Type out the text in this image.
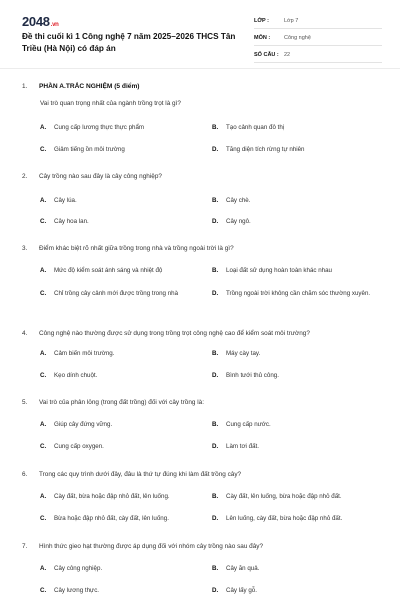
2048.vn
Đề thi cuối kì 1 Công nghệ 7 năm 2025–2026 THCS Tân Triều (Hà Nội) có đáp án
LỚP :	Lớp 7
MÔN :	Công nghệ
SỐ CÂU : 22
1.	PHẦN A.TRẮC NGHIỆM (5 điểm)
Vai trò quan trọng nhất của ngành trồng trọt là gì?
A.	Cung cấp lương thực thực phẩm	B.	Tạo cảnh quan đô thị
C.	Giảm tiếng ồn môi trường	D.	Tăng diện tích rừng tự nhiên
2.	Cây trồng nào sau đây là cây công nghiệp?
A.	Cây lúa.	B.	Cây chè.
C.	Cây hoa lan.	D.	Cây ngô.
3.	Điểm khác biệt rõ nhất giữa trồng trong nhà và trồng ngoài trời là gì?
A.	Mức độ kiểm soát ánh sáng và nhiệt độ	B.	Loại đất sử dụng hoàn toàn khác nhau
C.	Chỉ trồng cây cảnh mới được trồng trong nhà	D.	Trồng ngoài trời không cần chăm sóc thường xuyên.
4.	Công nghệ nào thường được sử dụng trong trồng trọt công nghệ cao để kiểm soát môi trường?
A.	Cảm biến môi trường.	B.	Máy cày tay.
C.	Kẹo dính chuột.	D.	Bình tưới thủ công.
5.	Vai trò của phân lỏng (trong đất trồng) đối với cây trồng là:
A.	Giúp cây đứng vững.	B.	Cung cấp nước.
C.	Cung cấp oxygen.	D.	Làm tơi đất.
6.	Trong các quy trình dưới đây, đâu là thứ tự đúng khi làm đất trồng cây?
A.	Cày đất, bừa hoặc đập nhỏ đất, lên luống.	B.	Cày đất, lên luống, bừa hoặc đập nhỏ đất.
C.	Bừa hoặc đập nhỏ đất, cày đất, lên luống.	D.	Lên luống, cày đất, bừa hoặc đập nhỏ đất.
7.	Hình thức gieo hạt thường được áp dụng đối với nhóm cây trồng nào sau đây?
A.	Cây công nghiệp.	B.	Cây ăn quả.
C.	Cây lương thực.	D.	Cây lấy gỗ.
